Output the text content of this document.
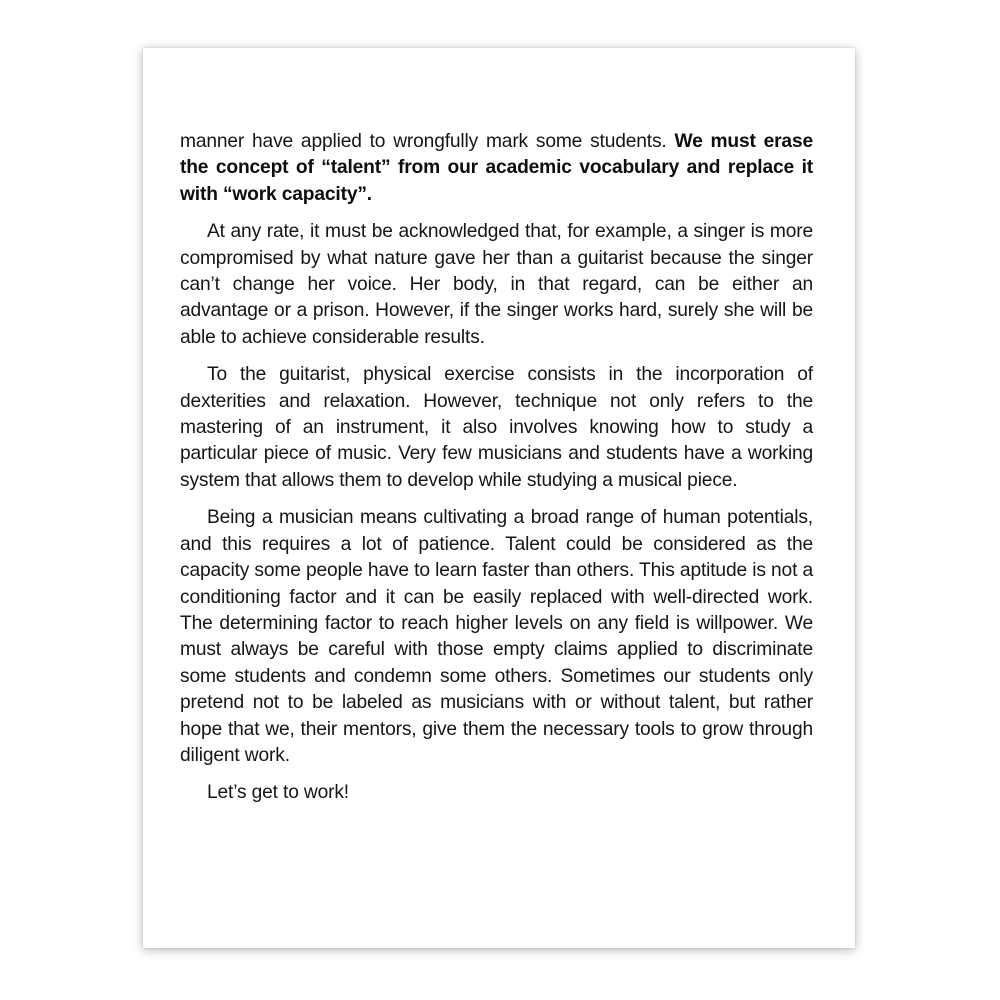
manner have applied to wrongfully mark some students. We must erase the concept of “talent” from our academic vocabulary and replace it with “work capacity”.

At any rate, it must be acknowledged that, for example, a singer is more compromised by what nature gave her than a guitarist because the singer can’t change her voice. Her body, in that regard, can be either an advantage or a prison. However, if the singer works hard, surely she will be able to achieve considerable results.

To the guitarist, physical exercise consists in the incorporation of dexterities and relaxation. However, technique not only refers to the mastering of an instrument, it also involves knowing how to study a particular piece of music. Very few musicians and students have a working system that allows them to develop while studying a musical piece.

Being a musician means cultivating a broad range of human potentials, and this requires a lot of patience. Talent could be considered as the capacity some people have to learn faster than others. This aptitude is not a conditioning factor and it can be easily replaced with well-directed work. The determining factor to reach higher levels on any field is willpower. We must always be careful with those empty claims applied to discriminate some students and condemn some others. Sometimes our students only pretend not to be labeled as musicians with or without talent, but rather hope that we, their mentors, give them the necessary tools to grow through diligent work.

Let’s get to work!
